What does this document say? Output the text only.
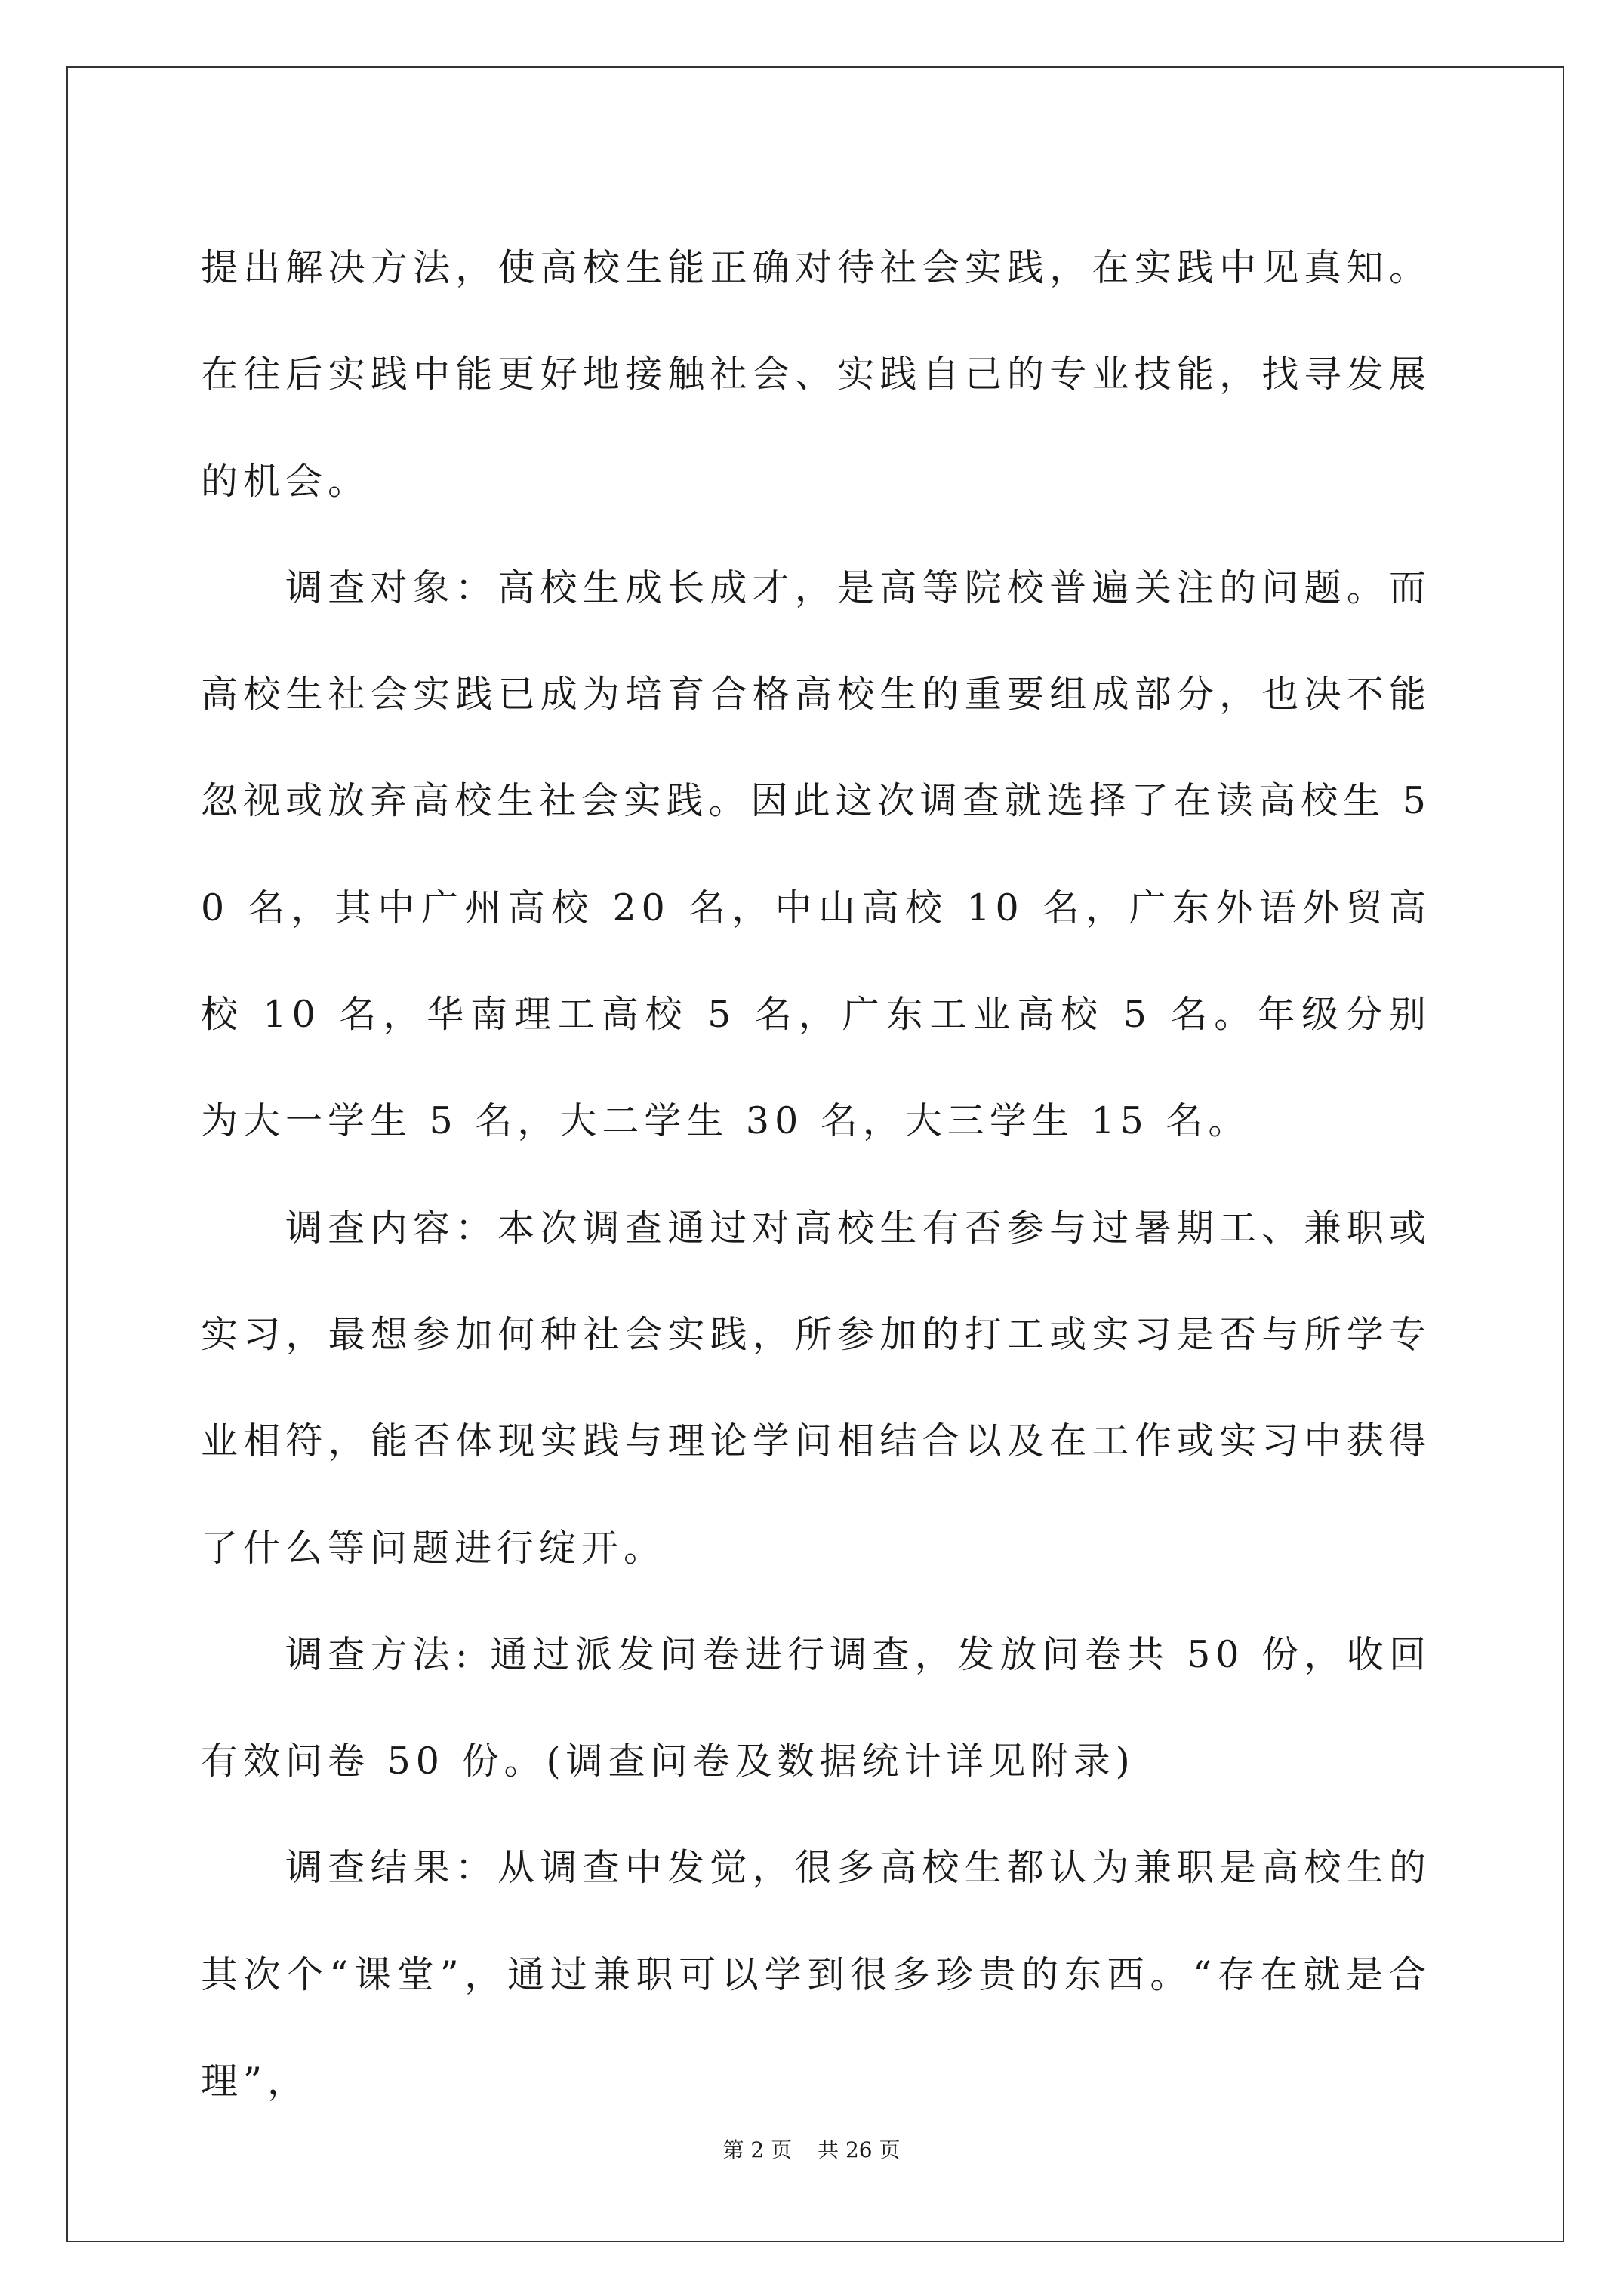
提出解决方法，使高校生能正确对待社会实践，在实践中见真知。在往后实践中能更好地接触社会、实践自己的专业技能，找寻发展的机会。

调查对象：高校生成长成才，是高等院校普遍关注的问题。而高校生社会实践已成为培育合格高校生的重要组成部分，也决不能忽视或放弃高校生社会实践。因此这次调查就选择了在读高校生 50 名，其中广州高校 20 名，中山高校 10 名，广东外语外贸高校 10 名，华南理工高校 5 名，广东工业高校 5 名。年级分别为大一学生 5 名，大二学生 30 名，大三学生 15 名。

调查内容：本次调查通过对高校生有否参与过暑期工、兼职或实习，最想参加何种社会实践，所参加的打工或实习是否与所学专业相符，能否体现实践与理论学问相结合以及在工作或实习中获得了什么等问题进行绽开。

调查方法: 通过派发问卷进行调查，发放问卷共 50 份，收回有效问卷 50 份。(调查问卷及数据统计详见附录)

调查结果：从调查中发觉，很多高校生都认为兼职是高校生的其次个“课堂”，通过兼职可以学到很多珍贵的东西。“存在就是合理”，

第 2 页 共 26 页
